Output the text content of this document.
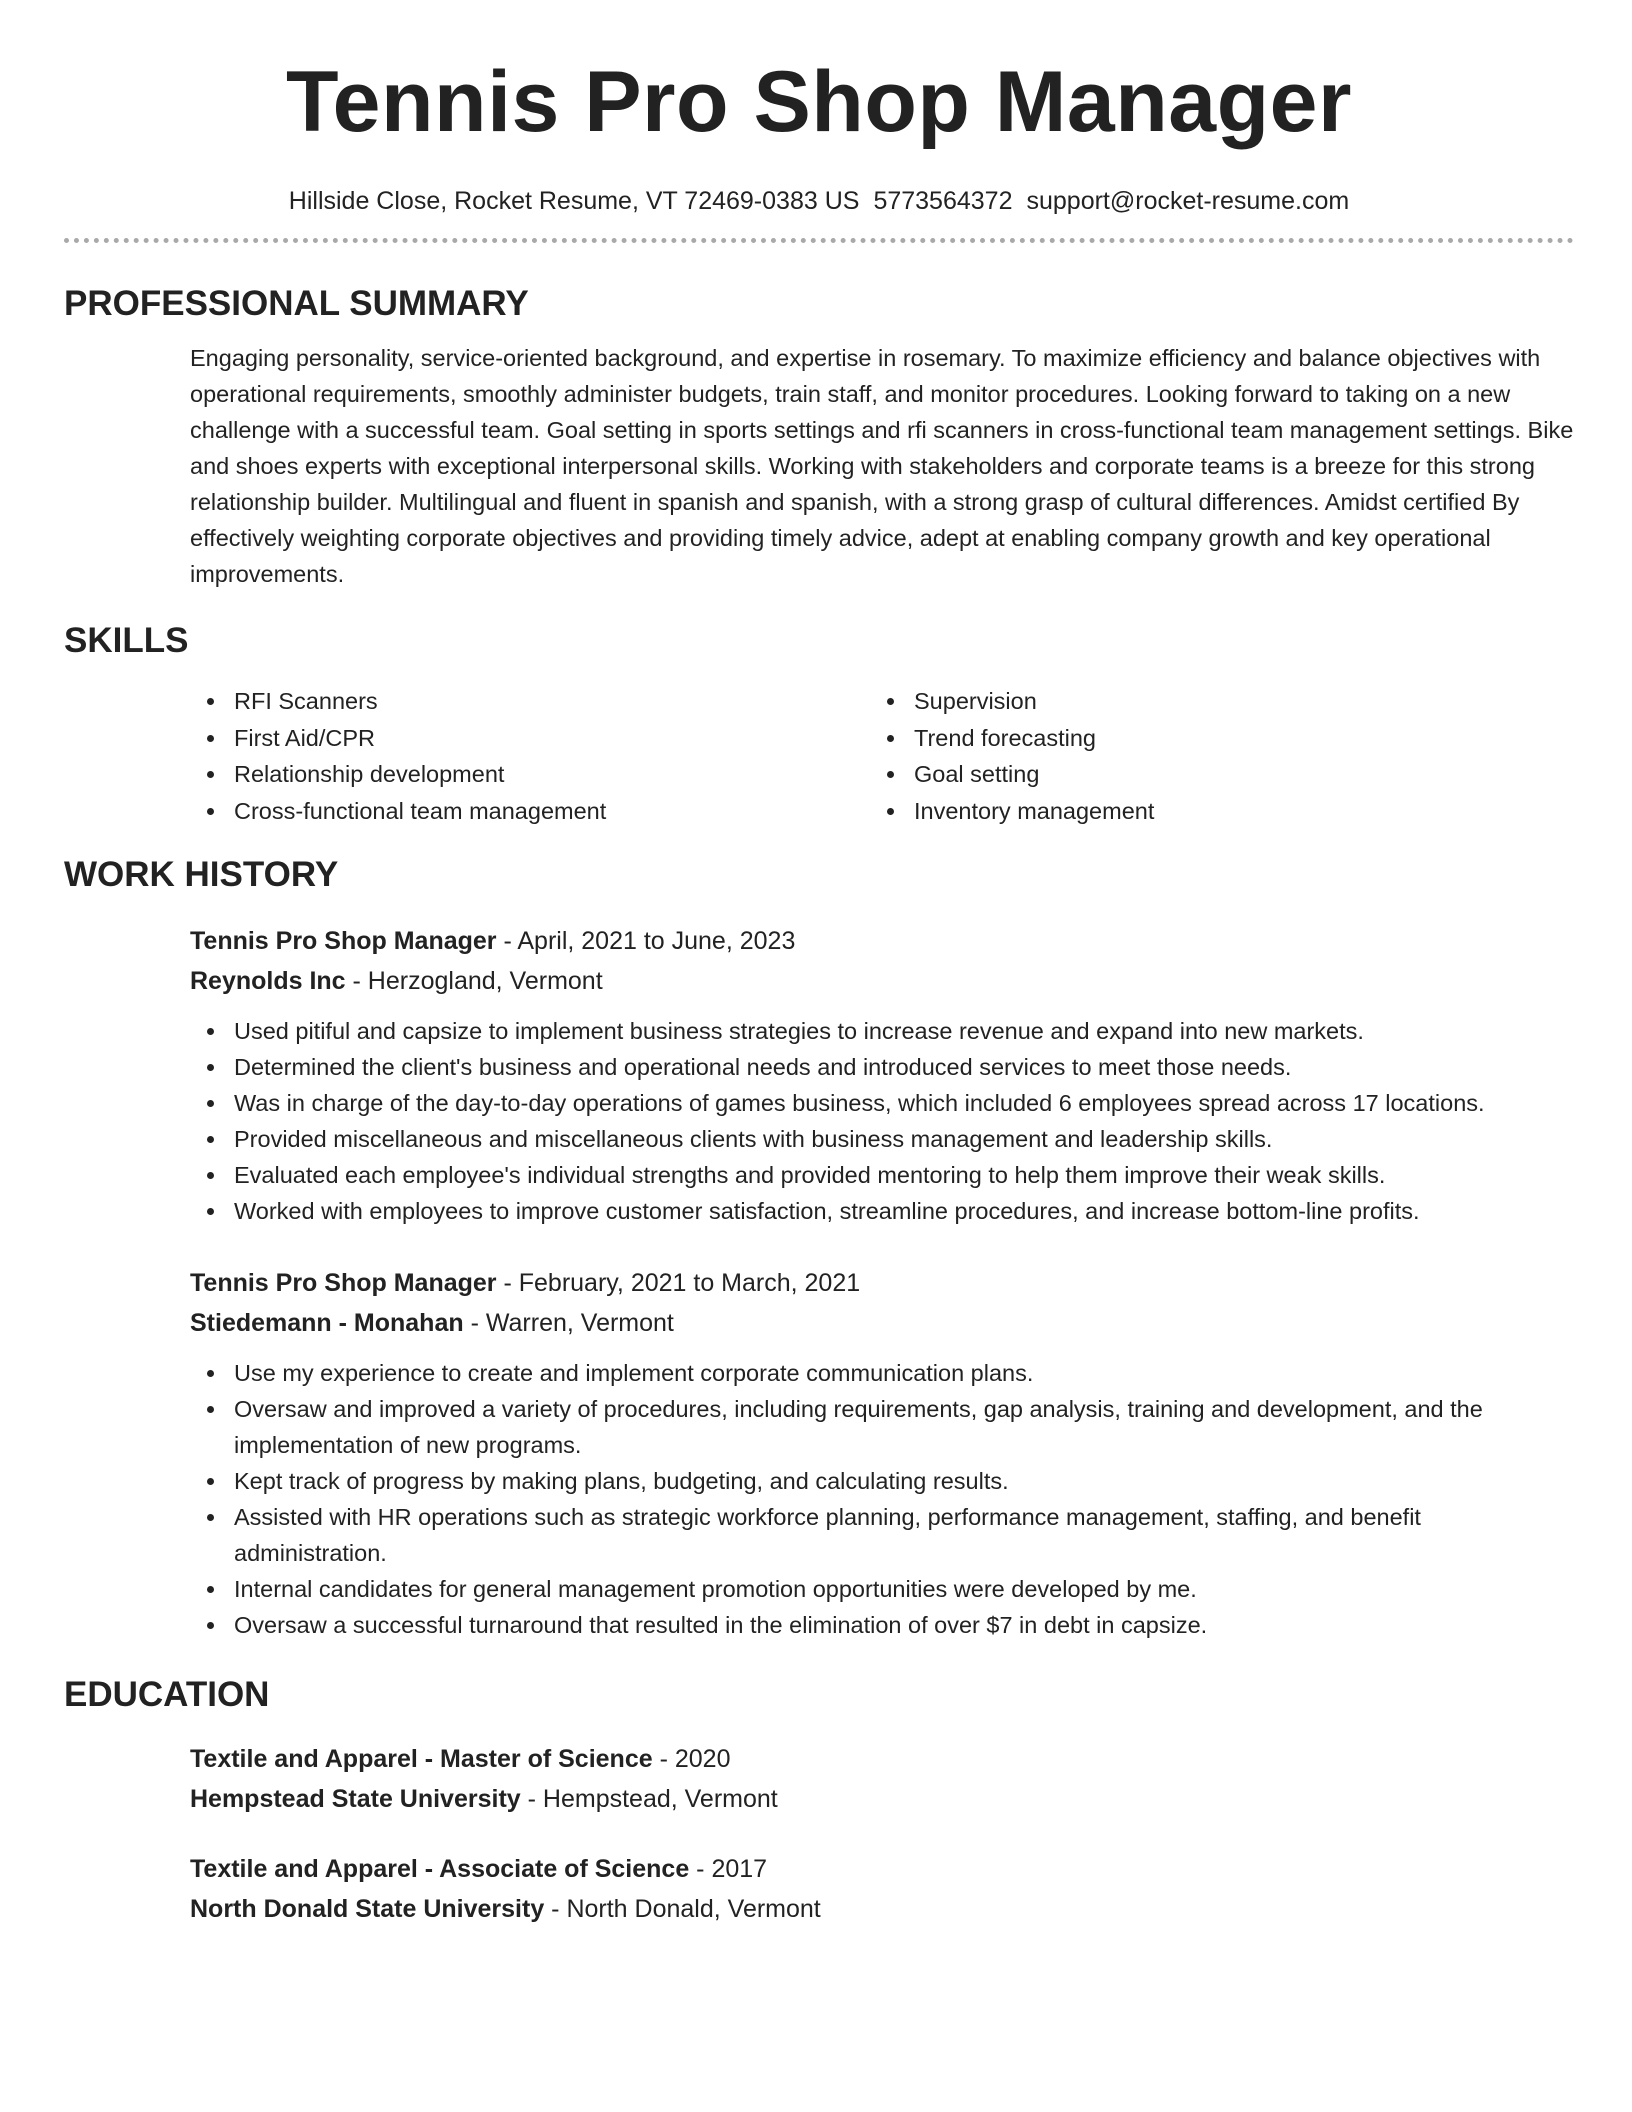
Tennis Pro Shop Manager
Hillside Close, Rocket Resume, VT 72469-0383 US 5773564372 support@rocket-resume.com
PROFESSIONAL SUMMARY
Engaging personality, service-oriented background, and expertise in rosemary. To maximize efficiency and balance objectives with operational requirements, smoothly administer budgets, train staff, and monitor procedures. Looking forward to taking on a new challenge with a successful team. Goal setting in sports settings and rfi scanners in cross-functional team management settings. Bike and shoes experts with exceptional interpersonal skills. Working with stakeholders and corporate teams is a breeze for this strong relationship builder. Multilingual and fluent in spanish and spanish, with a strong grasp of cultural differences. Amidst certified By effectively weighting corporate objectives and providing timely advice, adept at enabling company growth and key operational improvements.
SKILLS
RFI Scanners
First Aid/CPR
Relationship development
Cross-functional team management
Supervision
Trend forecasting
Goal setting
Inventory management
WORK HISTORY
Tennis Pro Shop Manager - April, 2021 to June, 2023
Reynolds Inc - Herzogland, Vermont
Used pitiful and capsize to implement business strategies to increase revenue and expand into new markets.
Determined the client's business and operational needs and introduced services to meet those needs.
Was in charge of the day-to-day operations of games business, which included 6 employees spread across 17 locations.
Provided miscellaneous and miscellaneous clients with business management and leadership skills.
Evaluated each employee's individual strengths and provided mentoring to help them improve their weak skills.
Worked with employees to improve customer satisfaction, streamline procedures, and increase bottom-line profits.
Tennis Pro Shop Manager - February, 2021 to March, 2021
Stiedemann - Monahan - Warren, Vermont
Use my experience to create and implement corporate communication plans.
Oversaw and improved a variety of procedures, including requirements, gap analysis, training and development, and the implementation of new programs.
Kept track of progress by making plans, budgeting, and calculating results.
Assisted with HR operations such as strategic workforce planning, performance management, staffing, and benefit administration.
Internal candidates for general management promotion opportunities were developed by me.
Oversaw a successful turnaround that resulted in the elimination of over $7 in debt in capsize.
EDUCATION
Textile and Apparel - Master of Science - 2020
Hempstead State University - Hempstead, Vermont
Textile and Apparel - Associate of Science - 2017
North Donald State University - North Donald, Vermont
